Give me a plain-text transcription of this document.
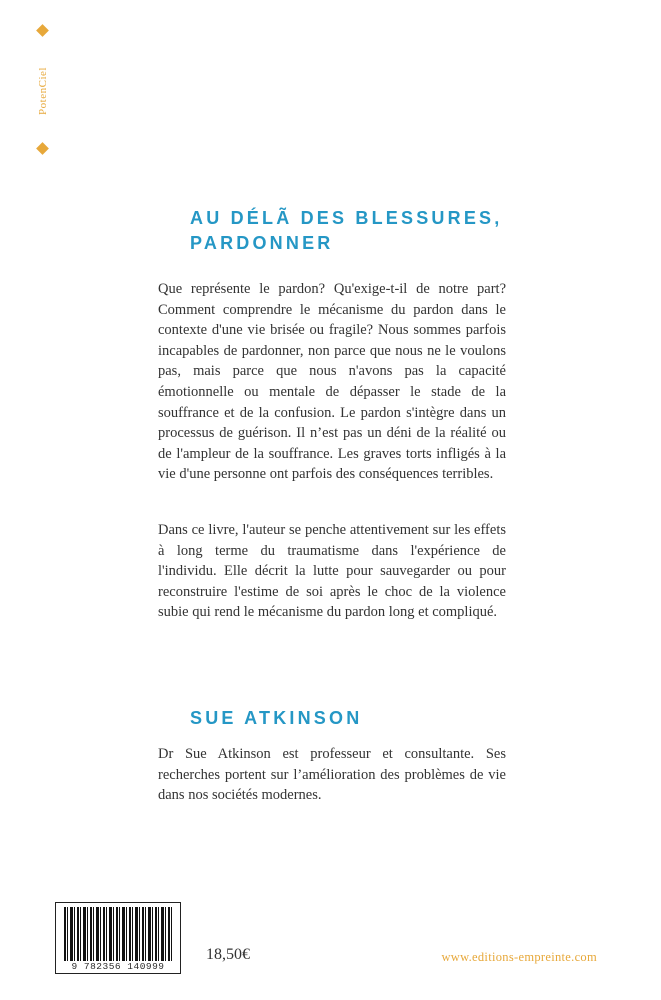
PotenCiel
AU DÉLÃ DES BLESSURES,
PARDONNER

Que représente le pardon? Qu'exige-t-il de notre part? Comment comprendre le mécanisme du pardon dans le contexte d'une vie brisée ou fragile? Nous sommes parfois incapables de pardonner, non parce que nous ne le voulons pas, mais parce que nous n'avons pas la capacité émotionnelle ou mentale de dépasser le stade de la souffrance et de la confusion. Le pardon s'intègre dans un processus de guérison. Il n’est pas un déni de la réalité ou de l'ampleur de la souffrance. Les graves torts infligés à la vie d'une personne ont parfois des conséquences terribles.

Dans ce livre, l'auteur se penche attentivement sur les effets à long terme du traumatisme dans l'expérience de l'individu. Elle décrit la lutte pour sauvegarder ou pour reconstruire l'estime de soi après le choc de la violence subie qui rend le mécanisme du pardon long et compliqué.

SUE ATKINSON

Dr Sue Atkinson est professeur et consultante. Ses recherches portent sur l’amélioration des problèmes de vie dans nos sociétés modernes.

9 782356 140999
18,50€	www.editions-empreinte.com
